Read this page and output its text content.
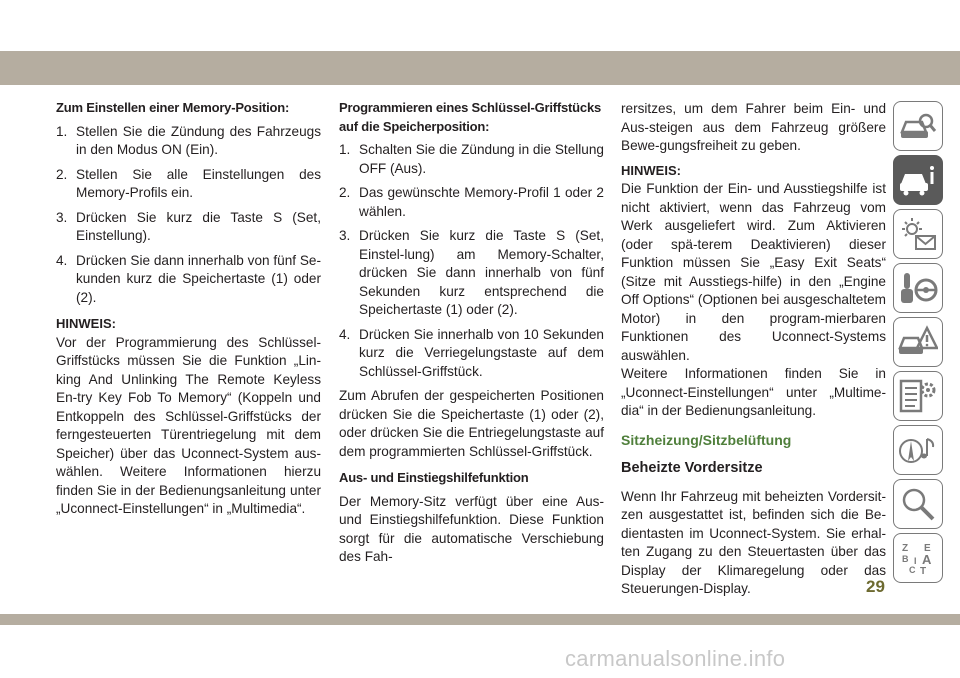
Zum Einstellen einer Memory-Position:
1. Stellen Sie die Zündung des Fahrzeugs in den Modus ON (Ein).
2. Stellen Sie alle Einstellungen des Memory-Profils ein.
3. Drücken Sie kurz die Taste S (Set, Einstellung).
4. Drücken Sie dann innerhalb von fünf Se-kunden kurz die Speichertaste (1) oder (2).
HINWEIS:
Vor der Programmierung des Schlüssel-Griffstücks müssen Sie die Funktion „Lin-king And Unlinking The Remote Keyless En-try Key Fob To Memory“ (Koppeln und Entkoppeln des Schlüssel-Griffstücks der ferngesteuerten Türentriegelung mit dem Speicher) über das Uconnect-System aus-wählen. Weitere Informationen hierzu finden Sie in der Bedienungsanleitung unter „Uconnect-Einstellungen“ in „Multimedia“.
Programmieren eines Schlüssel-Griffstücks auf die Speicherposition:
1. Schalten Sie die Zündung in die Stellung OFF (Aus).
2. Das gewünschte Memory-Profil 1 oder 2 wählen.
3. Drücken Sie kurz die Taste S (Set, Einstel-lung) am Memory-Schalter, drücken Sie dann innerhalb von fünf Sekunden kurz entsprechend die Speichertaste (1) oder (2).
4. Drücken Sie innerhalb von 10 Sekunden kurz die Verriegelungstaste auf dem Schlüssel-Griffstück.
Zum Abrufen der gespeicherten Positionen drücken Sie die Speichertaste (1) oder (2), oder drücken Sie die Entriegelungstaste auf dem programmierten Schlüssel-Griffstück.
Aus- und Einstiegshilfefunktion
Der Memory-Sitz verfügt über eine Aus- und Einstiegshilfefunktion. Diese Funktion sorgt für die automatische Verschiebung des Fah-
rersitzes, um dem Fahrer beim Ein- und Aus-steigen aus dem Fahrzeug größere Bewe-gungsfreiheit zu geben.
HINWEIS:
Die Funktion der Ein- und Ausstiegshilfe ist nicht aktiviert, wenn das Fahrzeug vom Werk ausgeliefert wird. Zum Aktivieren (oder spä-terem Deaktivieren) dieser Funktion müssen Sie „Easy Exit Seats“ (Sitze mit Ausstiegs-hilfe) in den „Engine Off Options“ (Optionen bei ausgeschaltetem Motor) in den program-mierbaren Funktionen des Uconnect-Systems auswählen.
Weitere Informationen finden Sie in „Uconnect-Einstellungen“ unter „Multime-dia“ in der Bedienungsanleitung.
Sitzheizung/Sitzbelüftung
Beheizte Vordersitze
Wenn Ihr Fahrzeug mit beheizten Vordersit-zen ausgestattet ist, befinden sich die Be-dientasten im Uconnect-System. Sie erhal-ten Zugang zu den Steuertasten über das Display der Klimaregelung oder das Steuerungen-Display.
Z E
B A
C
I
T
29
carmanualsonline.info
